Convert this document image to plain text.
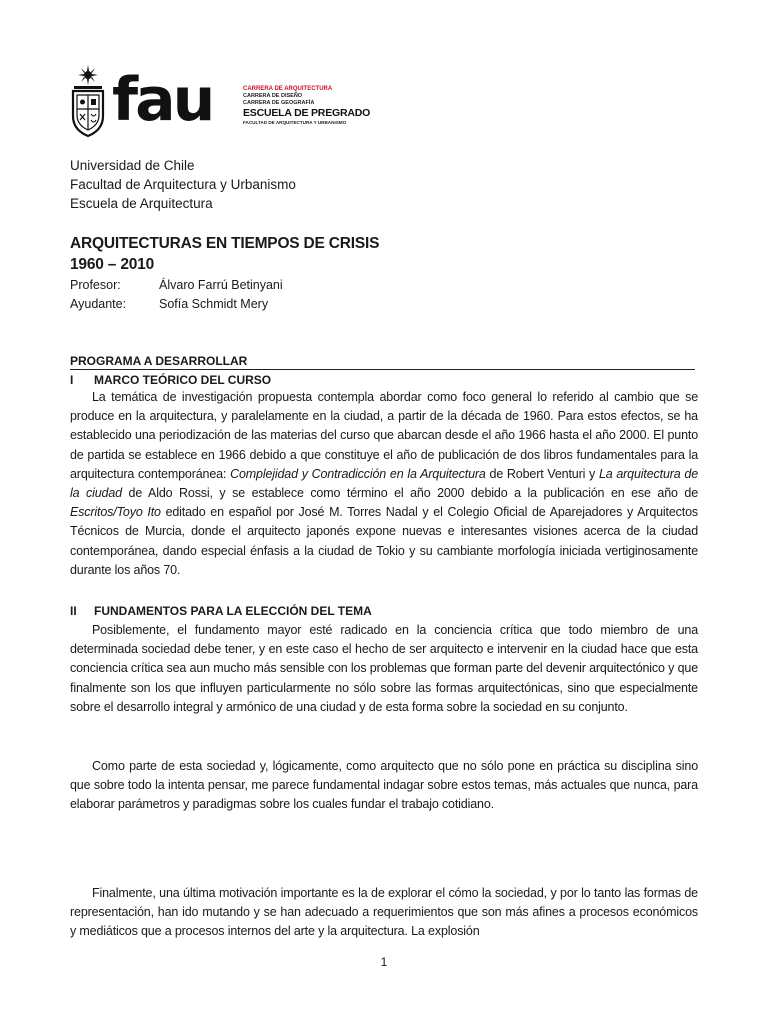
fau	CARRERA DE ARQUITECTURA
CARRERA DE DISEÑO
CARRERA DE GEOGRAFÍA
ESCUELA DE PREGRADO
FACULTAD DE ARQUITECTURA Y URBANISMO
Universidad de Chile
Facultad de Arquitectura y Urbanismo
Escuela de Arquitectura
ARQUITECTURAS EN TIEMPOS DE CRISIS
1960 – 2010
Profesor:	Álvaro Farrú Betinyani
Ayudante:	Sofía Schmidt Mery
PROGRAMA A DESARROLLAR
I MARCO TEÓRICO DEL CURSO
La temática de investigación propuesta contempla abordar como foco general lo referido al cambio que se produce en la arquitectura, y paralelamente en la ciudad, a partir de la década de 1960. Para estos efectos, se ha establecido una periodización de las materias del curso que abarcan desde el año 1966 hasta el año 2000. El punto de partida se establece en 1966 debido a que constituye el año de publicación de dos libros fundamentales para la arquitectura contemporánea: Complejidad y Contradicción en la Arquitectura de Robert Venturi y La arquitectura de la ciudad de Aldo Rossi, y se establece como término el año 2000 debido a la publicación en ese año de Escritos/Toyo Ito editado en español por José M. Torres Nadal y el Colegio Oficial de Aparejadores y Arquitectos Técnicos de Murcia, donde el arquitecto japonés expone nuevas e interesantes visiones acerca de la ciudad contemporánea, dando especial énfasis a la ciudad de Tokio y su cambiante morfología iniciada vertiginosamente durante los años 70.
II FUNDAMENTOS PARA LA ELECCIÓN DEL TEMA
Posiblemente, el fundamento mayor esté radicado en la conciencia crítica que todo miembro de una determinada sociedad debe tener, y en este caso el hecho de ser arquitecto e intervenir en la ciudad hace que esta conciencia crítica sea aun mucho más sensible con los problemas que forman parte del devenir arquitectónico y que finalmente son los que influyen particularmente no sólo sobre las formas arquitectónicas, sino que especialmente sobre el desarrollo integral y armónico de una ciudad y de esta forma sobre la sociedad en su conjunto.
Como parte de esta sociedad y, lógicamente, como arquitecto que no sólo pone en práctica su disciplina sino que sobre todo la intenta pensar, me parece fundamental indagar sobre estos temas, más actuales que nunca, para elaborar parámetros y paradigmas sobre los cuales fundar el trabajo cotidiano.
Finalmente, una última motivación importante es la de explorar el cómo la sociedad, y por lo tanto las formas de representación, han ido mutando y se han adecuado a requerimientos que son más afines a procesos económicos y mediáticos que a procesos internos del arte y la arquitectura. La explosión
1
